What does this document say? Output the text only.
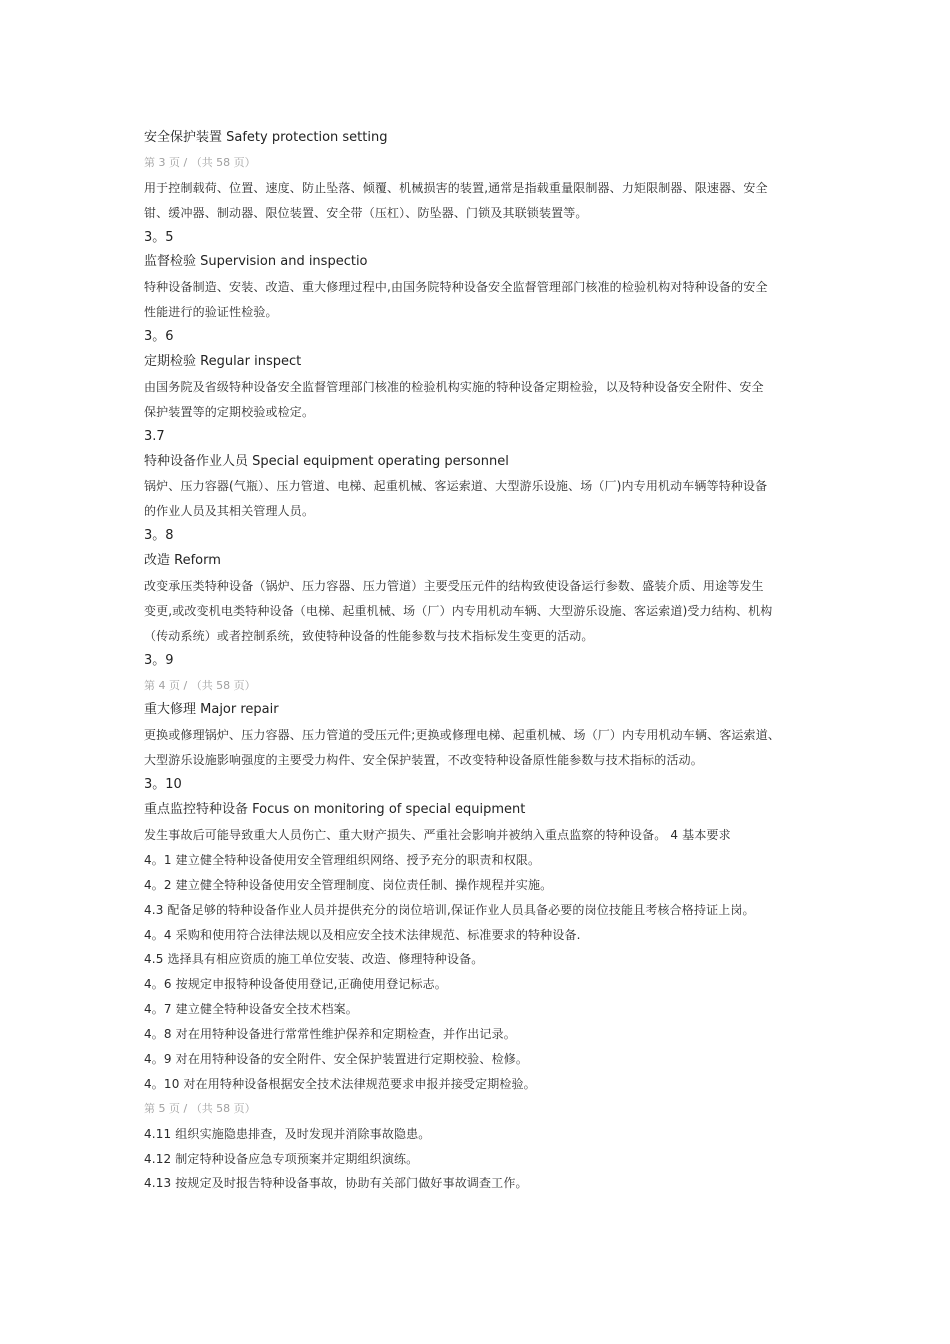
安全保护装置 Safety protection setting
第 3 页 / （共 58 页）
用于控制载荷、位置、速度、防止坠落、倾覆、机械损害的装置,通常是指载重量限制器、力矩限制器、限速器、安全
钳、缓冲器、制动器、限位装置、安全带（压杠）、防坠器、门锁及其联锁装置等。
3。5
监督检验 Supervision and inspectio
特种设备制造、安装、改造、重大修理过程中,由国务院特种设备安全监督管理部门核准的检验机构对特种设备的安全
性能进行的验证性检验。
3。6
定期检验 Regular inspect
由国务院及省级特种设备安全监督管理部门核准的检验机构实施的特种设备定期检验，以及特种设备安全附件、安全
保护装置等的定期校验或检定。
3.7
特种设备作业人员 Special equipment operating personnel
锅炉、压力容器(气瓶）、压力管道、电梯、起重机械、客运索道、大型游乐设施、场（厂)内专用机动车辆等特种设备
的作业人员及其相关管理人员。
3。8
改造 Reform
改变承压类特种设备（锅炉、压力容器、压力管道）主要受压元件的结构致使设备运行参数、盛装介质、用途等发生
变更,或改变机电类特种设备（电梯、起重机械、场（厂）内专用机动车辆、大型游乐设施、客运索道)受力结构、机构
（传动系统）或者控制系统，致使特种设备的性能参数与技术指标发生变更的活动。
3。9
第 4 页 / （共 58 页）
重大修理 Major repair
更换或修理锅炉、压力容器、压力管道的受压元件;更换或修理电梯、起重机械、场（厂）内专用机动车辆、客运索道、
大型游乐设施影响强度的主要受力构件、安全保护装置，不改变特种设备原性能参数与技术指标的活动。
3。10
重点监控特种设备 Focus on monitoring of special equipment
发生事故后可能导致重大人员伤亡、重大财产损失、严重社会影响并被纳入重点监察的特种设备。 4 基本要求
4。1 建立健全特种设备使用安全管理组织网络、授予充分的职责和权限。
4。2 建立健全特种设备使用安全管理制度、岗位责任制、操作规程并实施。
4.3 配备足够的特种设备作业人员并提供充分的岗位培训,保证作业人员具备必要的岗位技能且考核合格持证上岗。
4。4 采购和使用符合法律法规以及相应安全技术法律规范、标准要求的特种设备.
4.5 选择具有相应资质的施工单位安装、改造、修理特种设备。
4。6 按规定申报特种设备使用登记,正确使用登记标志。
4。7 建立健全特种设备安全技术档案。
4。8 对在用特种设备进行常常性维护保养和定期检查，并作出记录。
4。9 对在用特种设备的安全附件、安全保护装置进行定期校验、检修。
4。10 对在用特种设备根据安全技术法律规范要求申报并接受定期检验。
第 5 页 / （共 58 页）
4.11 组织实施隐患排查，及时发现并消除事故隐患。
4.12 制定特种设备应急专项预案并定期组织演练。
4.13 按规定及时报告特种设备事故，协助有关部门做好事故调查工作。
